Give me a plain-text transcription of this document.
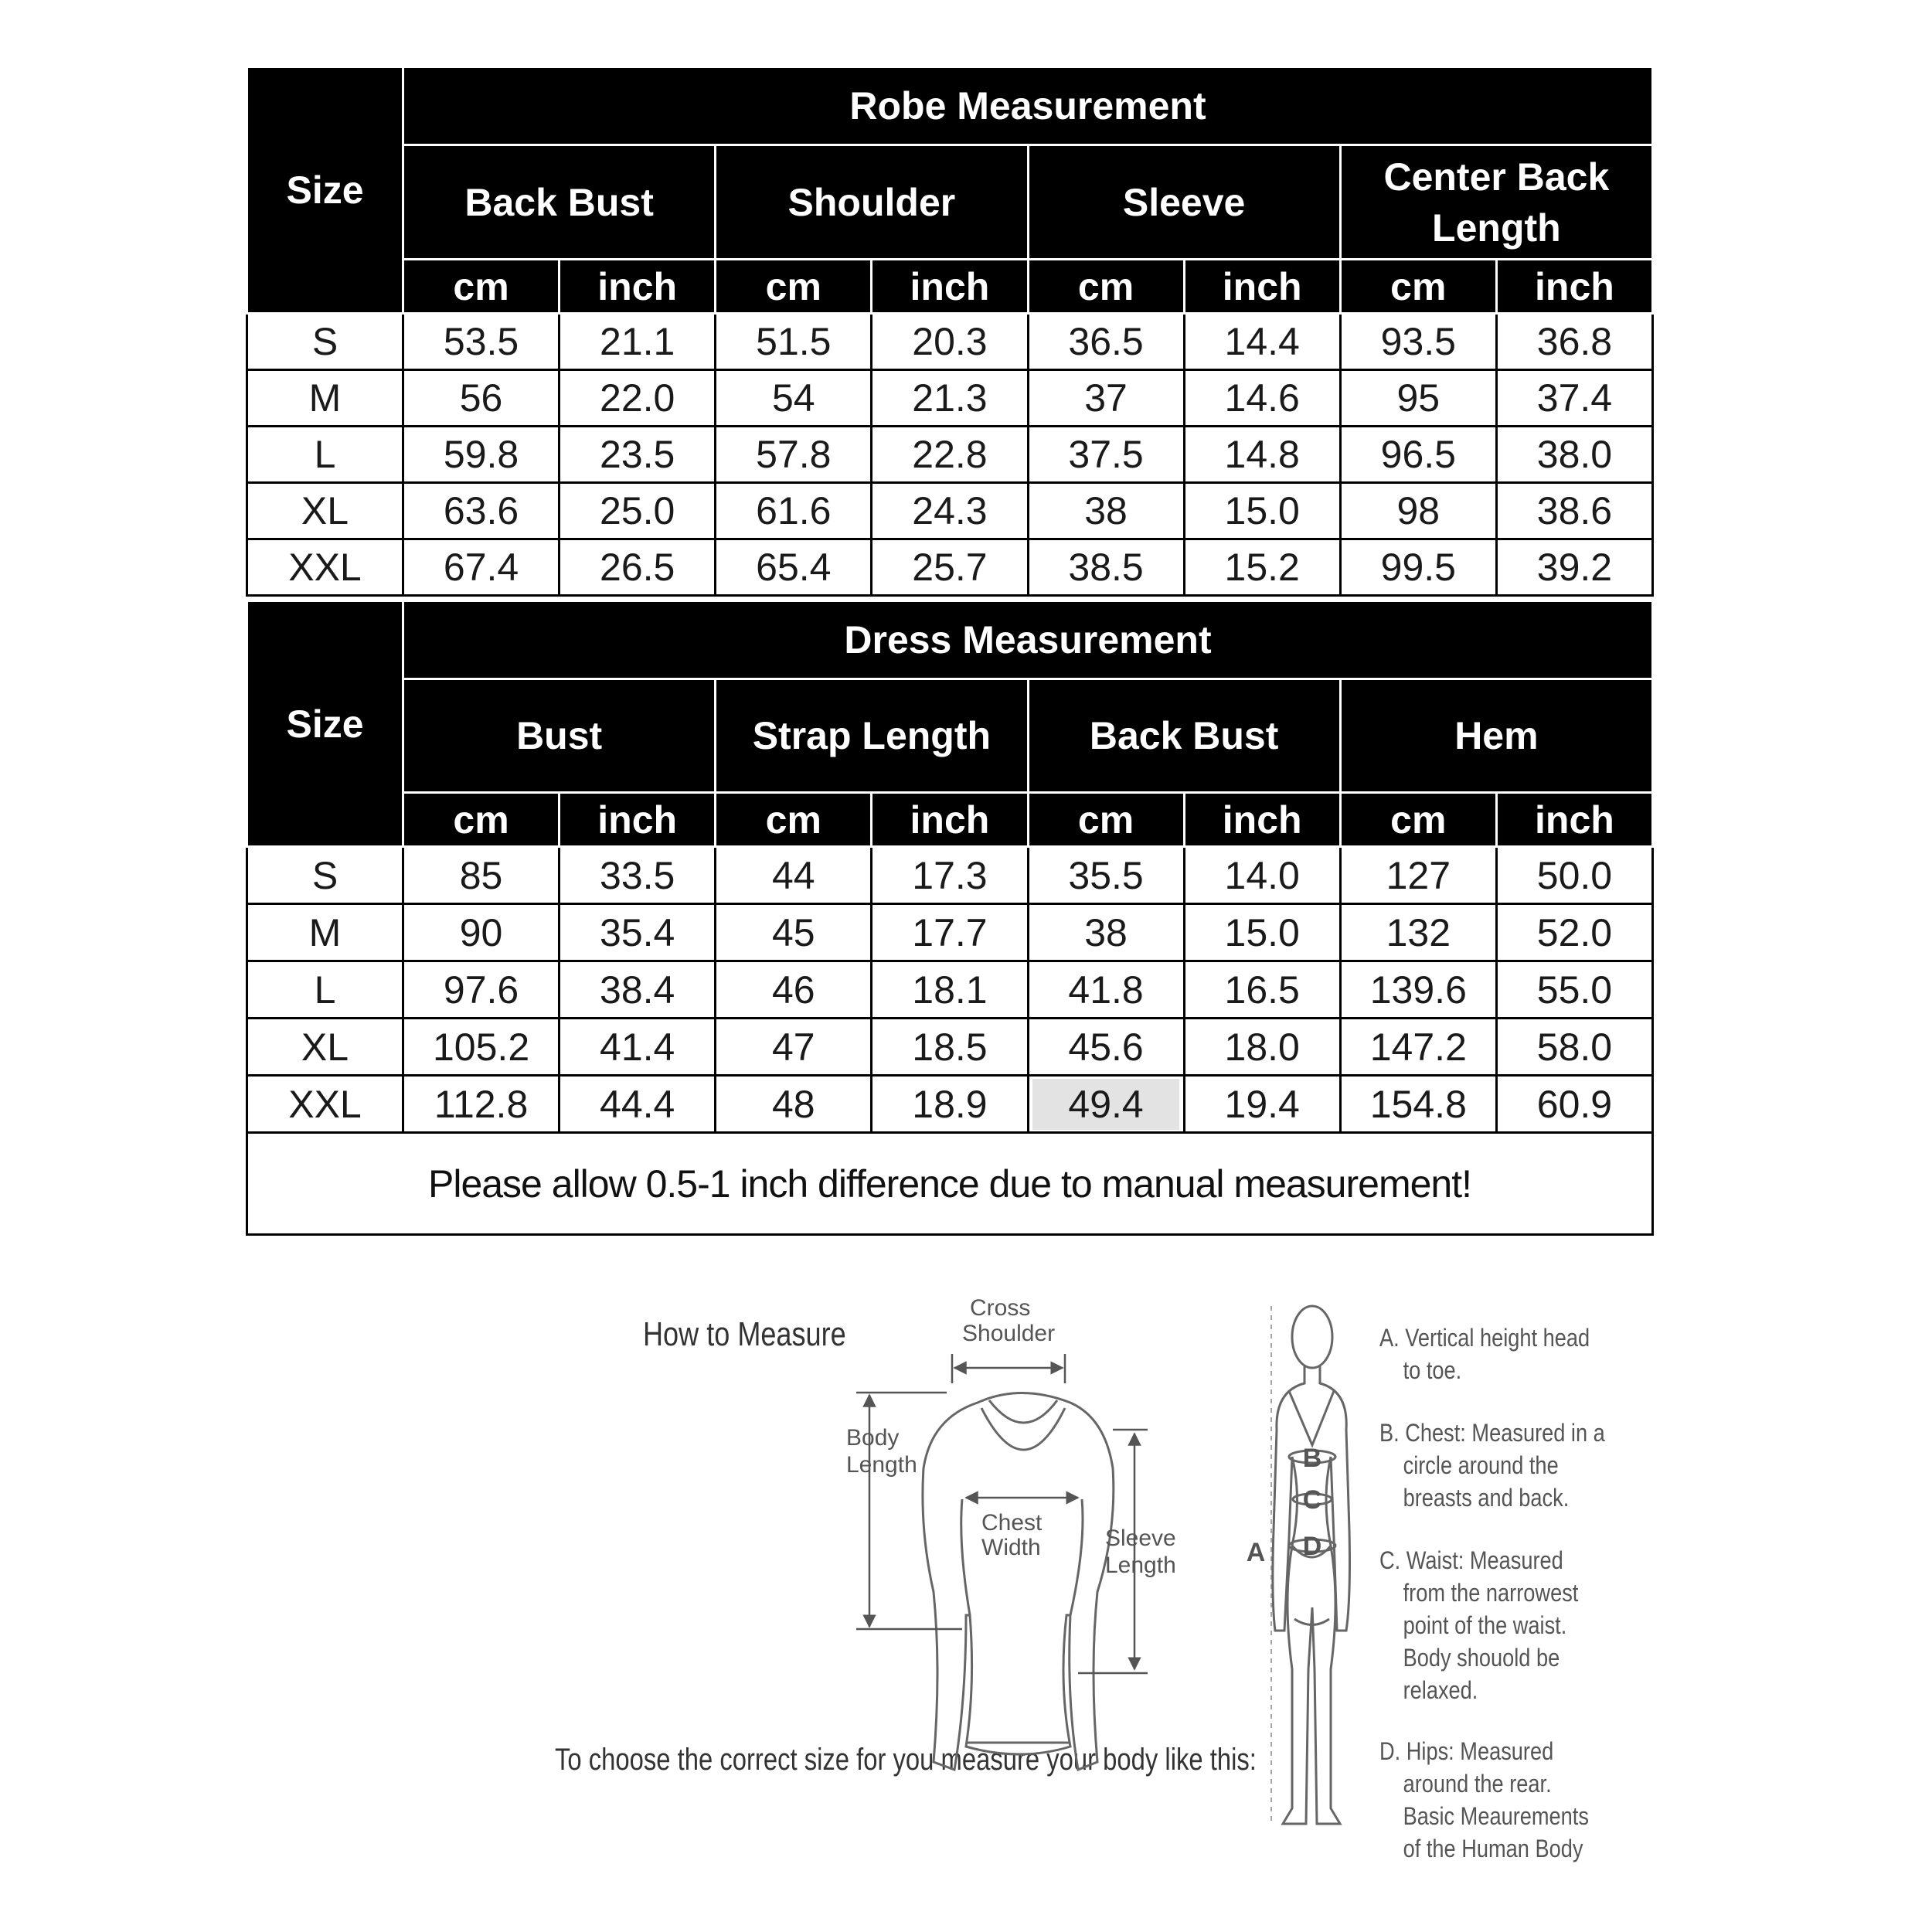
Size	Robe Measurement							
	Back Bust		Shoulder		Sleeve		Center Back Length	
	cm	inch	cm	inch	cm	inch	cm	inch
S	53.5	21.1	51.5	20.3	36.5	14.4	93.5	36.8
M	56	22.0	54	21.3	37	14.6	95	37.4
L	59.8	23.5	57.8	22.8	37.5	14.8	96.5	38.0
XL	63.6	25.0	61.6	24.3	38	15.0	98	38.6
XXL	67.4	26.5	65.4	25.7	38.5	15.2	99.5	39.2
Size	Dress Measurement							
	Bust		Strap Length		Back Bust		Hem	
	cm	inch	cm	inch	cm	inch	cm	inch
S	85	33.5	44	17.3	35.5	14.0	127	50.0
M	90	35.4	45	17.7	38	15.0	132	52.0
L	97.6	38.4	46	18.1	41.8	16.5	139.6	55.0
XL	105.2	41.4	47	18.5	45.6	18.0	147.2	58.0
XXL	112.8	44.4	48	18.9	49.4	19.4	154.8	60.9
Please allow 0.5-1 inch difference due to manual measurement!								
How to Measure
To choose the correct size for you measure your body like this:
Cross
Shoulder
Body
Length
Chest
Width	Sleeve
Length
B
C
D
A
A. Vertical height head
to toe.
B. Chest: Measured in a
circle around the
breasts and back.
C. Waist: Measured
from the narrowest
point of the waist.
Body shouold be
relaxed.
D. Hips: Measured
around the rear.
Basic Meaurements
of the Human Body
